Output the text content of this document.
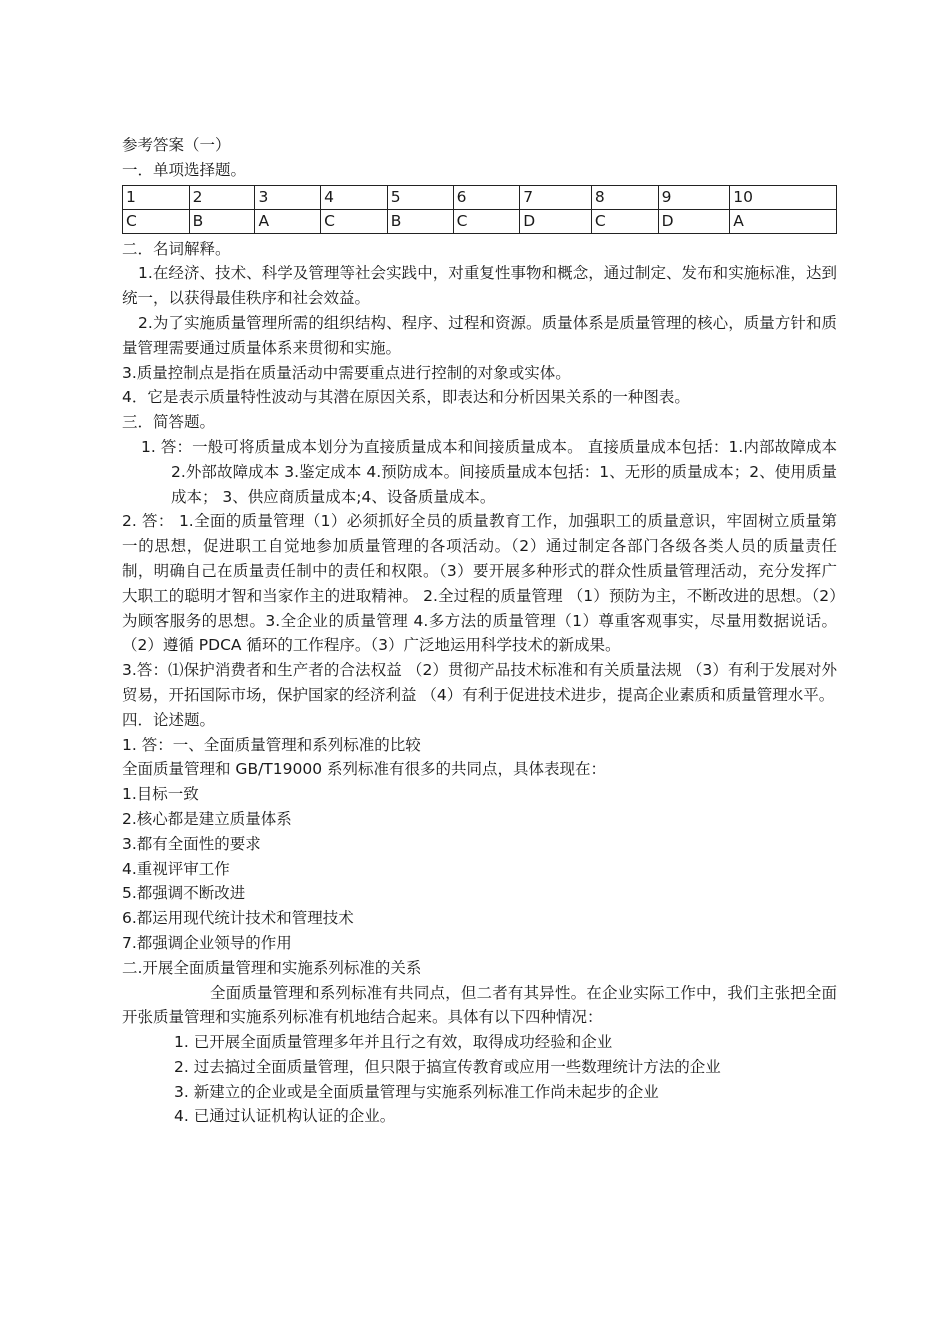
参考答案（一）
一．单项选择题。
1	2	3	4	5	6	7	8	9	10
C	B	A	C	B	C	D	C	D	A
二．名词解释。
1.在经济、技术、科学及管理等社会实践中，对重复性事物和概念，通过制定、发布和实施标准，达到统一，以获得最佳秩序和社会效益。
2.为了实施质量管理所需的组织结构、程序、过程和资源。质量体系是质量管理的核心，质量方针和质量管理需要通过质量体系来贯彻和实施。
3.质量控制点是指在质量活动中需要重点进行控制的对象或实体。
4．它是表示质量特性波动与其潜在原因关系，即表达和分析因果关系的一种图表。
三．简答题。
1. 答：一般可将质量成本划分为直接质量成本和间接质量成本。 直接质量成本包括：1.内部故障成本 2.外部故障成本 3.鉴定成本 4.预防成本。间接质量成本包括：1、无形的质量成本；2、使用质量成本； 3、供应商质量成本;4、设备质量成本。
2. 答： 1.全面的质量管理（1）必须抓好全员的质量教育工作，加强职工的质量意识，牢固树立质量第一的思想，促进职工自觉地参加质量管理的各项活动。（2）通过制定各部门各级各类人员的质量责任制，明确自己在质量责任制中的责任和权限。（3）要开展多种形式的群众性质量管理活动，充分发挥广大职工的聪明才智和当家作主的进取精神。 2.全过程的质量管理 （1）预防为主，不断改进的思想。（2）为顾客服务的思想。3.全企业的质量管理 4.多方法的质量管理（1）尊重客观事实，尽量用数据说话。（2）遵循 PDCA 循环的工作程序。（3）广泛地运用科学技术的新成果。
3.答：⑴保护消费者和生产者的合法权益 （2）贯彻产品技术标准和有关质量法规 （3）有利于发展对外贸易，开拓国际市场，保护国家的经济利益 （4）有利于促进技术进步，提高企业素质和质量管理水平。
四．论述题。
1. 答：一、全面质量管理和系列标准的比较
全面质量管理和 GB/T19000 系列标准有很多的共同点，具体表现在：
1.目标一致
2.核心都是建立质量体系
3.都有全面性的要求
4.重视评审工作
5.都强调不断改进
6.都运用现代统计技术和管理技术
7.都强调企业领导的作用
二.开展全面质量管理和实施系列标准的关系
全面质量管理和系列标准有共同点，但二者有其异性。在企业实际工作中，我们主张把全面开张质量管理和实施系列标准有机地结合起来。具体有以下四种情况：
1. 已开展全面质量管理多年并且行之有效，取得成功经验和企业
2. 过去搞过全面质量管理，但只限于搞宣传教育或应用一些数理统计方法的企业
3. 新建立的企业或是全面质量管理与实施系列标准工作尚未起步的企业
4. 已通过认证机构认证的企业。
